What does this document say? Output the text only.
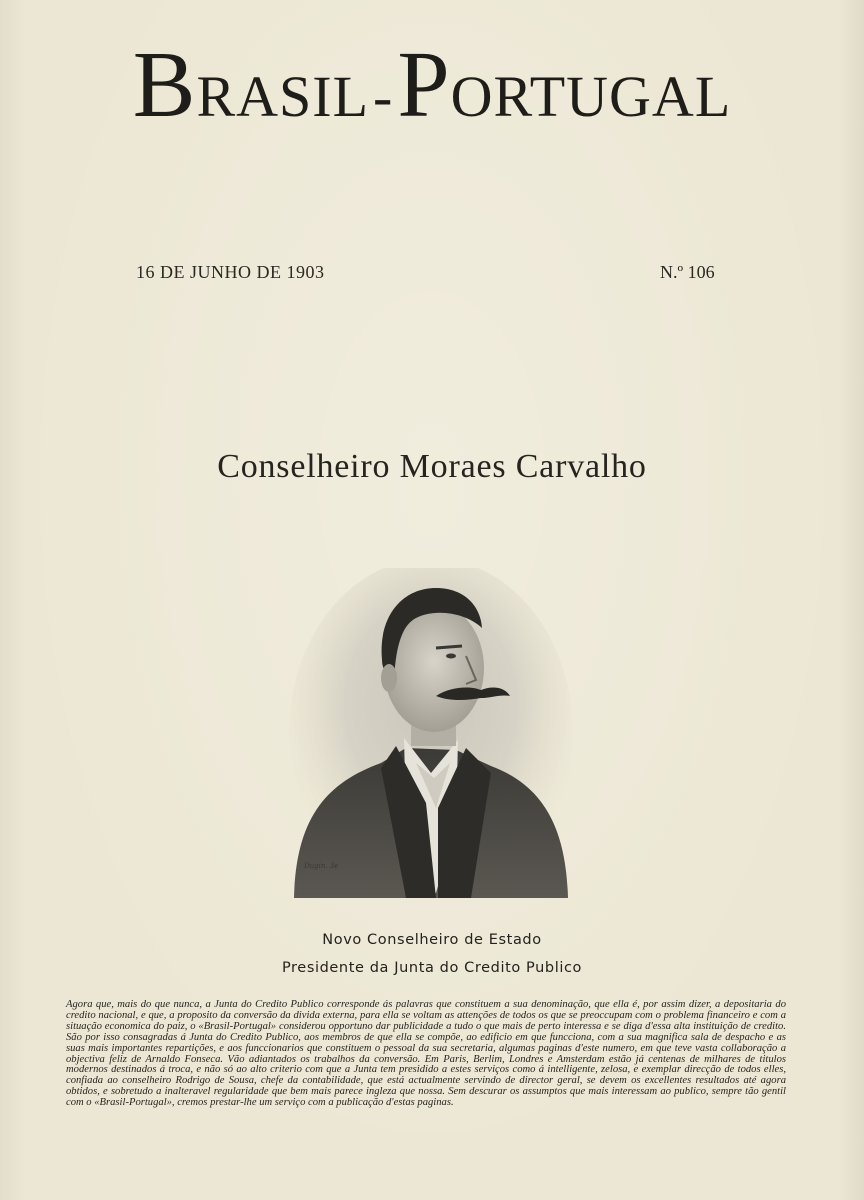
BRASIL-PORTUGAL
16 DE JUNHO DE 1903	N.º 106
Conselheiro Moraes Carvalho
Dugin. 3e
Novo Conselheiro de Estado
Presidente da Junta do Credito Publico

Agora que, mais do que nunca, a Junta do Credito Publico corresponde ás palavras que constituem a sua denominação, que ella é, por assim dizer, a depositaria do credito nacional, e que, a proposito da conversão da divida externa, para ella se voltam as attenções de todos os que se preoccupam com o problema financeiro e com a situação economica do paiz, o «Brasil-Portugal» considerou opportuno dar publicidade a tudo o que mais de perto interessa e se diga d'essa alta instituição de credito. São por isso consagradas á Junta do Credito Publico, aos membros de que ella se compõe, ao edificio em que funcciona, com a sua magnifica sala de despacho e as suas mais importantes repartições, e aos funccionarios que constituem o pessoal da sua secretaria, algumas paginas d'este numero, em que teve vasta collaboração a objectiva feliz de Arnaldo Fonseca. Vão adiantados os trabalhos da conversão. Em Paris, Berlim, Londres e Amsterdam estão já centenas de milhares de titulos modernos destinados á troca, e não só ao alto criterio com que a Junta tem presidido a estes serviços como á intelligente, zelosa, e exemplar direcção de todos elles, confiada ao conselheiro Rodrigo de Sousa, chefe da contabilidade, que está actualmente servindo de director geral, se devem os excellentes resultados até agora obtidos, e sobretudo a inalteravel regularidade que bem mais parece ingleza que nossa. Sem descurar os assumptos que mais interessam ao publico, sempre tão gentil com o «Brasil-Portugal», cremos prestar-lhe um serviço com a publicação d'estas paginas.
